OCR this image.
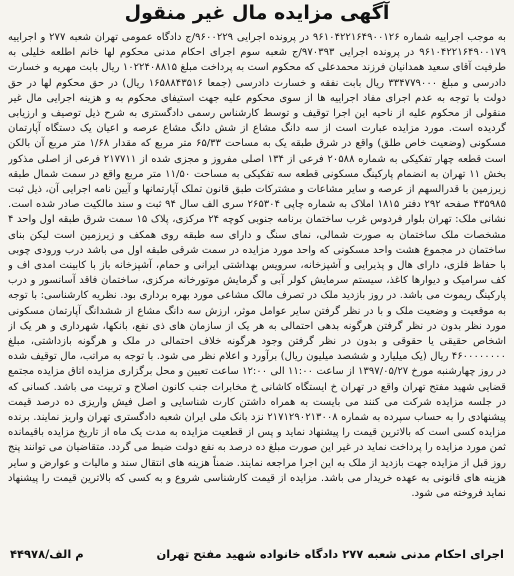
آگهی مزایده مال غیر منقول
به موجب اجراییه شماره ۹۶۱۰۴۲۲۱۶۴۹۰۰۱۲۶ در پرونده اجرایی ۹۶۰۰۲۲۹/ج دادگاه عمومی تهران شعبه ۲۷۷ و اجراییه ۹۶۱۰۴۲۲۱۶۴۹۰۰۱۷۹ در پرونده اجرایی ۹۷۰۳۹۳/ج شعبه سوم اجرای احکام مدنی محکوم لها خانم اطلعه خلیلی به طرفیت آقای سعید همدانیان فرزند محمدعلی که محکوم است به پرداخت مبلغ ۱۰۲۲۴۰۸۸۱۵ ریال بابت مهریه و خسارت دادرسی و مبلغ ۳۳۴۷۷۹۰۰۰ ریال بابت نفقه و خسارت دادرسی (جمعا ۱۶۵۸۸۴۳۵۱۶ ریال) در حق محکوم لها در حق دولت با توجه به عدم اجرای مفاد اجراییه ها از سوی محکوم علیه جهت استیفای محکوم به و هزینه اجرایی مال غیر منقولی از محکوم علیه از ناحیه این اجرا توقیف و توسط کارشناس رسمی دادگستری به شرح ذیل توصیف و ارزیابی گردیده است. مورد مزایده عبارت است از سه دانگ مشاع از شش دانگ مشاع عرصه و اعیان یک دستگاه آپارتمان مسکونی (وضعیت خاص طلق) واقع در شرق طبقه یک به مساحت ۶۵/۳۳ متر مربع که مقدار ۱/۶۸ متر مربع آن بالکن است قطعه چهار تفکیکی به شماره ۲۰۵۸۸ فرعی از ۱۳۴ اصلی مفروز و مجزی شده از ۲۱۷۷۱۱ فرعی از اصلی مذکور بخش ۱۱ تهران به انضمام پارکینگ مسکونی قطعه سه تفکیکی به مساحت ۱۱/۵۰ متر مربع واقع در سمت شمال طبقه زیرزمین با قدرالسهم از عرصه و سایر مشاعات و مشترکات طبق قانون تملک آپارتمانها و آیین نامه اجرایی آن، ذیل ثبت ۴۳۵۹۸۵ صفحه ۲۹۲ دفتر ۱۸۱۵ املاک به شماره چاپی ۲۶۵۳۰۴ سری الف سال ۹۴ ثبت و سند مالکیت صادر شده است. نشانی ملک: تهران بلوار فردوس غرب ساختمان برنامه جنوبی کوچه ۲۴ مرکزی، پلاک ۱۵ سمت شرق طبقه اول واحد ۴ مشخصات ملک ساختمان به صورت شمالی، نمای سنگ و دارای سه طبقه روی همکف و زیرزمین است لیکن بنای ساختمان در مجموع هشت واحد مسکونی که واحد مورد مزایده در سمت شرقی طبقه اول می باشد درب ورودی چوبی با حفاظ فلزی، دارای هال و پذیرایی و آشپزخانه، سرویس بهداشتی ایرانی و حمام، آشپزخانه باز با کابینت امدی اف و کف سرامیک و دیوارها کاغذ، سیستم سرمایش کولر آبی و گرمایش موتورخانه مرکزی، ساختمان فاقد آسانسور و درب پارکینگ ریموت می باشد. در روز بازدید ملک در تصرف مالک مشاعی مورد بهره برداری بود. نظریه کارشناسی: با توجه به موقعیت و وضعیت ملک و با در نظر گرفتن سایر عوامل موثر، ارزش سه دانگ مشاع از ششدانگ آپارتمان مسکونی مورد نظر بدون در نظر گرفتن هرگونه بدهی احتمالی به هر یک از سازمان های ذی نفع، بانکها، شهرداری و هر یک از اشخاص حقیقی یا حقوقی و بدون در نظر گرفتن وجود هرگونه خلاف احتمالی در ملک و هرگونه بازداشتی، مبلغ ۴۶۰۰۰۰۰۰۰۰ ریال (یک میلیارد و ششصد میلیون ریال) برآورد و اعلام نظر می شود. با توجه به مراتب، مال توقیف شده در روز چهارشنبه مورخ ۱۳۹۷/۰۵/۲۷ از ساعت ۱۱:۰۰ الی ۱۲:۰۰ ساعت تعیین و محل برگزاری مزایده اتاق مزایده مجتمع قضایی شهید مفتح تهران واقع در تهران خ ایستگاه کاشانی خ مخابرات جنب کانون اصلاح و تربیت می باشد. کسانی که در جلسه مزایده شرکت می کنند می بایست به همراه داشتن کارت شناسایی و اصل فیش واریزی ده درصد قیمت پیشنهادی را به حساب سپرده به شماره ۲۱۷۱۲۹۰۲۱۳۰۰۸ نزد بانک ملی ایران شعبه دادگستری تهران واریز نمایند. برنده مزایده کسی است که بالاترین قیمت را پیشنهاد نماید و پس از قطعیت مزایده به مدت یک ماه از تاریخ مزایده باقیمانده ثمن مورد مزایده را پرداخت نماید در غیر این صورت مبلغ ده درصد به نفع دولت ضبط می گردد. متقاضیان می توانند پنج روز قبل از مزایده جهت بازدید از ملک به این اجرا مراجعه نمایند. ضمناً هزینه های انتقال سند و مالیات و عوارض و سایر هزینه های قانونی به عهده خریدار می باشد. مزایده از قیمت کارشناسی شروع و به کسی که بالاترین قیمت را پیشنهاد نماید فروخته می شود.
اجرای احکام مدنی شعبه ۲۷۷ دادگاه خانواده شهید مفتح تهران
م الف/۴۴۹۷۸
